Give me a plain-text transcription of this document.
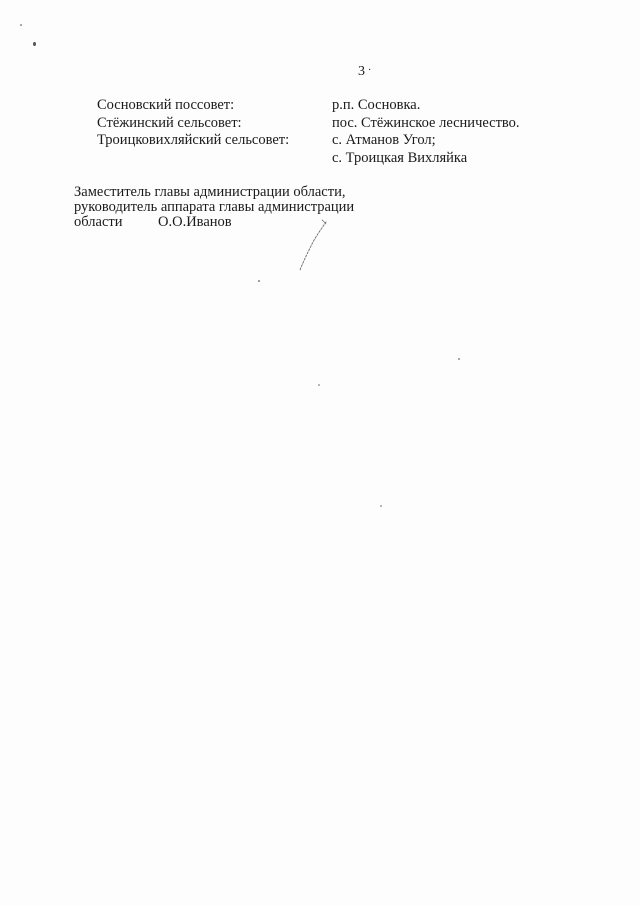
3 ·
Сосновский поссовет:	р.п. Сосновка.
Стёжинский сельсовет:	пос. Стёжинское лесничество.
Троицковихляйский сельсовет:	с. Атманов Угол;
с. Троицкая Вихляйка
Заместитель главы администрации области,
руководитель аппарата главы администрации
области О.О.Иванов
